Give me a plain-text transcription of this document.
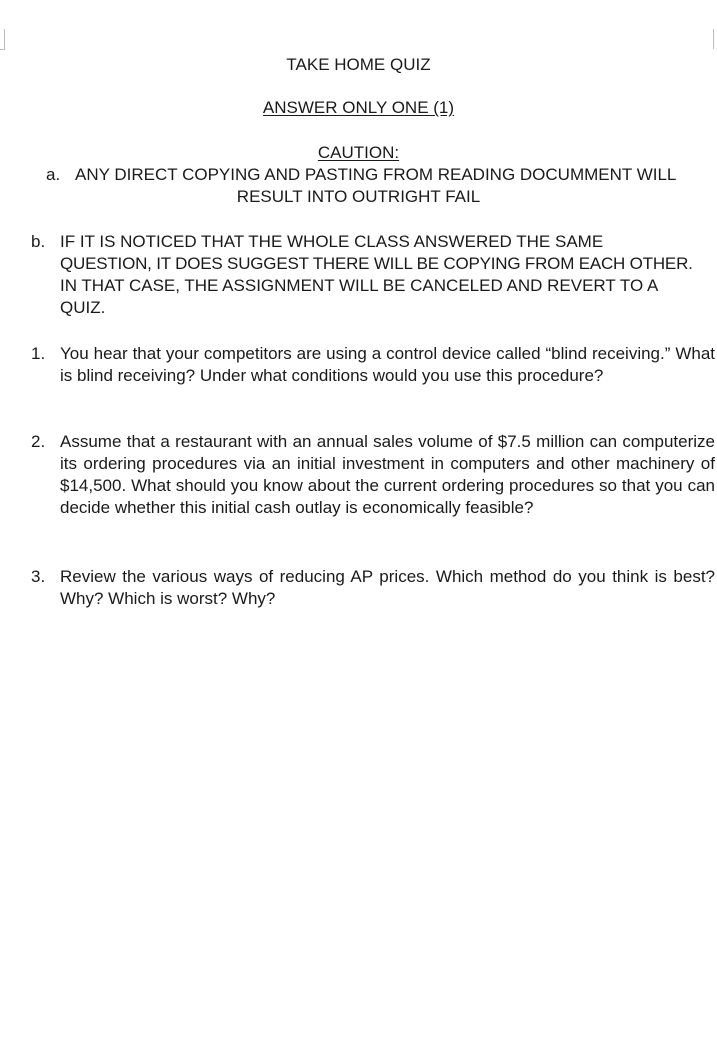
TAKE HOME QUIZ
ANSWER ONLY ONE (1)
CAUTION:
a. ANY DIRECT COPYING AND PASTING FROM READING DOCUMMENT WILL
RESULT INTO OUTRIGHT FAIL
b. IF IT IS NOTICED THAT THE WHOLE CLASS ANSWERED THE SAME
QUESTION, IT DOES SUGGEST THERE WILL BE COPYING FROM EACH OTHER.
IN THAT CASE, THE ASSIGNMENT WILL BE CANCELED AND REVERT TO A
QUIZ.
1. You hear that your competitors are using a control device called “blind receiving.” What is blind receiving? Under what conditions would you use this procedure?
2. Assume that a restaurant with an annual sales volume of $7.5 million can computerize its ordering procedures via an initial investment in computers and other machinery of $14,500. What should you know about the current ordering procedures so that you can decide whether this initial cash outlay is economically feasible?
3. Review the various ways of reducing AP prices. Which method do you think is best? Why? Which is worst? Why?
